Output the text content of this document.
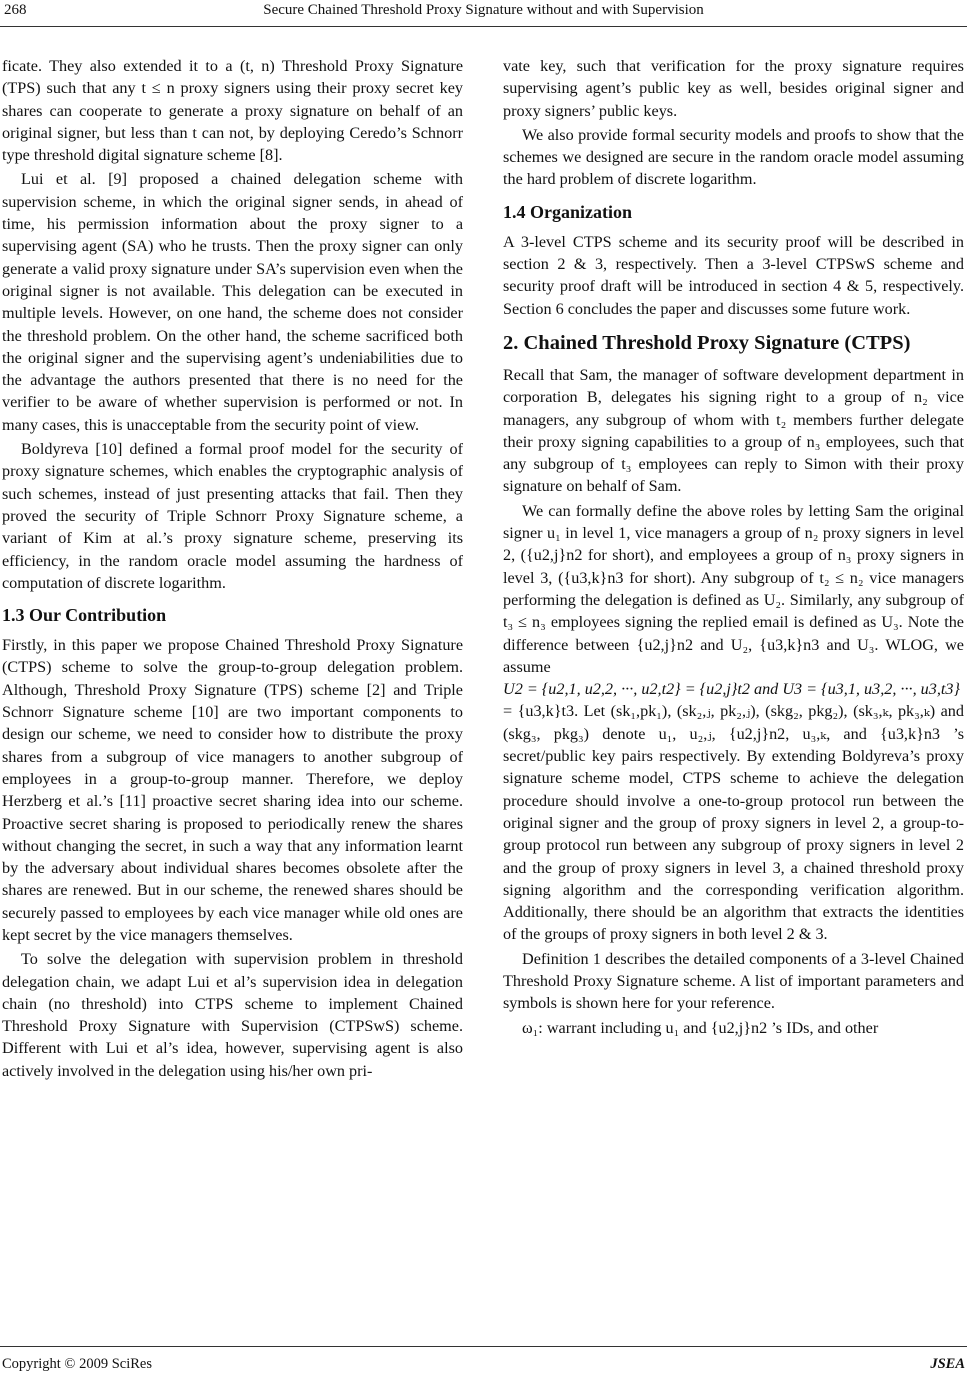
268	Secure Chained Threshold Proxy Signature without and with Supervision

ficate. They also extended it to a (t, n) Threshold Proxy Signature (TPS) such that any t ≤ n proxy signers using their proxy secret key shares can cooperate to generate a proxy signature on behalf of an original signer, but less than t can not, by deploying Ceredo’s Schnorr type threshold digital signature scheme [8].

Lui et al. [9] proposed a chained delegation scheme with supervision scheme, in which the original signer sends, in ahead of time, his permission information about the proxy signer to a supervising agent (SA) who he trusts. Then the proxy signer can only generate a valid proxy signature under SA’s supervision even when the original signer is not available. This delegation can be executed in multiple levels. However, on one hand, the scheme does not consider the threshold problem. On the other hand, the scheme sacrificed both the original signer and the supervising agent’s undeniabilities due to the advantage the authors presented that there is no need for the verifier to be aware of whether supervision is performed or not. In many cases, this is unacceptable from the security point of view.

Boldyreva [10] defined a formal proof model for the security of proxy signature schemes, which enables the cryptographic analysis of such schemes, instead of just presenting attacks that fail. Then they proved the security of Triple Schnorr Proxy Signature scheme, a variant of Kim at al.’s proxy signature scheme, preserving its efficiency, in the random oracle model assuming the hardness of computation of discrete logarithm.

1.3 Our Contribution

Firstly, in this paper we propose Chained Threshold Proxy Signature (CTPS) scheme to solve the group-to-group delegation problem. Although, Threshold Proxy Signature (TPS) scheme [2] and Triple Schnorr Signature scheme [10] are two important components to design our scheme, we need to consider how to distribute the proxy shares from a subgroup of vice managers to another subgroup of employees in a group-to-group manner. Therefore, we deploy Herzberg et al.’s [11] proactive secret sharing idea into our scheme. Proactive secret sharing is proposed to periodically renew the shares without changing the secret, in such a way that any information learnt by the adversary about individual shares becomes obsolete after the shares are renewed. But in our scheme, the renewed shares should be securely passed to employees by each vice manager while old ones are kept secret by the vice managers themselves.

To solve the delegation with supervision problem in threshold delegation chain, we adapt Lui et al’s supervision idea in delegation chain (no threshold) into CTPS scheme to implement Chained Threshold Proxy Signature with Supervision (CTPSwS) scheme. Different with Lui et al’s idea, however, supervising agent is also actively involved in the delegation using his/her own pri-

vate key, such that verification for the proxy signature requires supervising agent’s public key as well, besides original signer and proxy signers’ public keys.

We also provide formal security models and proofs to show that the schemes we designed are secure in the random oracle model assuming the hard problem of discrete logarithm.

1.4 Organization

A 3-level CTPS scheme and its security proof will be described in section 2 & 3, respectively. Then a 3-level CTPSwS scheme and security proof draft will be introduced in section 4 & 5, respectively. Section 6 concludes the paper and discusses some future work.

2. Chained Threshold Proxy Signature (CTPS)

Recall that Sam, the manager of software development department in corporation B, delegates his signing right to a group of n₂ vice managers, any subgroup of whom with t₂ members further delegate their proxy signing capabilities to a group of n₃ employees, such that any subgroup of t₃ employees can reply to Simon with their proxy signature on behalf of Sam.

We can formally define the above roles by letting Sam the original signer u₁ in level 1, vice managers a group of n₂ proxy signers in level 2, ({u2,j}n2 for short), and employees a group of n₃ proxy signers in level 3, ({u3,k}n3 for short). Any subgroup of t₂ ≤ n₂ vice managers performing the delegation is defined as U₂. Similarly, any subgroup of t₃ ≤ n₃ employees signing the replied email is defined as U₃. Note the difference between {u2,j}n2 and U₂, {u3,k}n3 and U₃. WLOG, we assume

U2 = {u2,1, u2,2, ···, u2,t2} = {u2,j}t2 and U3 = {u3,1, u3,2, ···, u3,t3}

= {u3,k}t3. Let (sk₁,pk₁), (sk₂,ⱼ, pk₂,ⱼ), (skg₂, pkg₂), (sk₃,ₖ, pk₃,ₖ) and (skg₃, pkg₃) denote u₁, u₂,ⱼ, {u2,j}n2, u₃,ₖ, and {u3,k}n3 ’s secret/public key pairs respectively. By extending Boldyreva’s proxy signature scheme model, CTPS scheme to achieve the delegation procedure should involve a one-to-group protocol run between the original signer and the group of proxy signers in level 2, a group-to-group protocol run between any subgroup of proxy signers in level 2 and the group of proxy signers in level 3, a chained threshold proxy signing algorithm and the corresponding verification algorithm. Additionally, there should be an algorithm that extracts the identities of the groups of proxy signers in both level 2 & 3.

Definition 1 describes the detailed components of a 3-level Chained Threshold Proxy Signature scheme. A list of important parameters and symbols is shown here for your reference.

ω₁: warrant including u₁ and {u2,j}n2 ’s IDs, and other

Copyright © 2009 SciRes	JSEA
